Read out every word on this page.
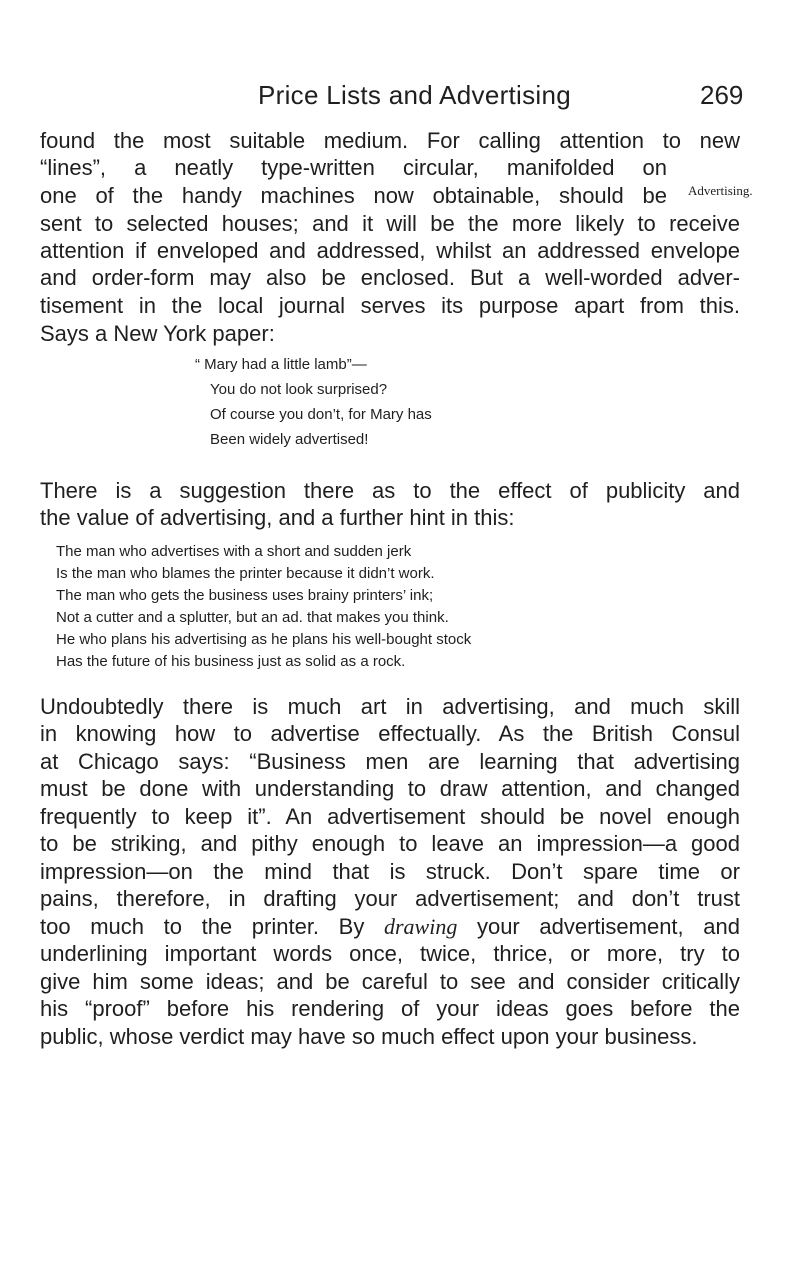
Price Lists and Advertising	269
Advertising.
found the most suitable medium. For calling attention to new
“lines”, a neatly type-written circular, manifolded on
one of the handy machines now obtainable, should be
sent to selected houses; and it will be the more likely to receive
attention if enveloped and addressed, whilst an addressed envelope
and order-form may also be enclosed. But a well-worded adver-
tisement in the local journal serves its purpose apart from this.
Says a New York paper:
“ Mary had a little lamb”—
You do not look surprised?
Of course you don’t, for Mary has
Been widely advertised!
There is a suggestion there as to the effect of publicity and
the value of advertising, and a further hint in this:
The man who advertises with a short and sudden jerk
Is the man who blames the printer because it didn’t work.
The man who gets the business uses brainy printers’ ink;
Not a cutter and a splutter, but an ad. that makes you think.
He who plans his advertising as he plans his well-bought stock
Has the future of his business just as solid as a rock.
Undoubtedly there is much art in advertising, and much skill
in knowing how to advertise effectually. As the British Consul
at Chicago says: “Business men are learning that advertising
must be done with understanding to draw attention, and changed
frequently to keep it”. An advertisement should be novel enough
to be striking, and pithy enough to leave an impression—a good
impression—on the mind that is struck. Don’t spare time or
pains, therefore, in drafting your advertisement; and don’t trust
too much to the printer. By drawing your advertisement, and
underlining important words once, twice, thrice, or more, try to
give him some ideas; and be careful to see and consider critically
his “proof” before his rendering of your ideas goes before the
public, whose verdict may have so much effect upon your business.
